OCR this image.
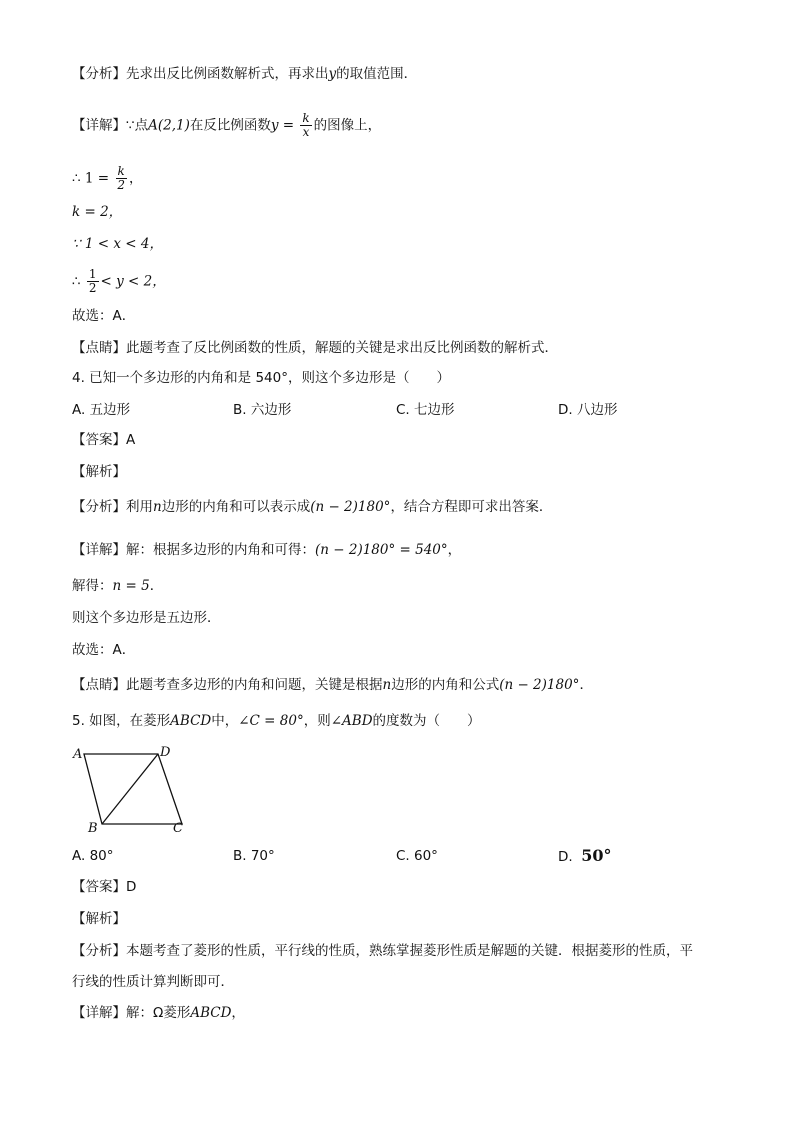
【分析】先求出反比例函数解析式，再求出y的取值范围．
【详解】∵点A(2,1)在反比例函数$y = \frac{k}{x}$ 的图像上，
∴ $1 = \frac{k}{2}$ ，
k = 2，
∵ 1 < x < 4，
∴ $\frac{1}{2} < y < 2$，
故选：A．
【点睛】此题考查了反比例函数的性质，解题的关键是求出反比例函数的解析式．
4. 已知一个多边形的内角和是 540°，则这个多边形是（　　）
A. 五边形	B. 六边形	C. 七边形	D. 八边形
【答案】A
【解析】
【分析】利用n边形的内角和可以表示成(n − 2)180°，结合方程即可求出答案．
【详解】解：根据多边形的内角和可得：(n − 2)180° = 540°，
解得：n = 5．
则这个多边形是五边形．
故选：A．
【点睛】此题考查多边形的内角和问题，关键是根据n边形的内角和公式(n − 2)180°．
5. 如图，在菱形ABCD中，∠C = 80°，则∠ABD的度数为（　　）
A	D
B	C
A. 80°	B. 70°	C. 60°	D. 50°
【答案】D
【解析】
【分析】本题考查了菱形的性质，平行线的性质，熟练掌握菱形性质是解题的关键．根据菱形的性质，平
行线的性质计算判断即可．
【详解】解：Ω菱形ABCD，
